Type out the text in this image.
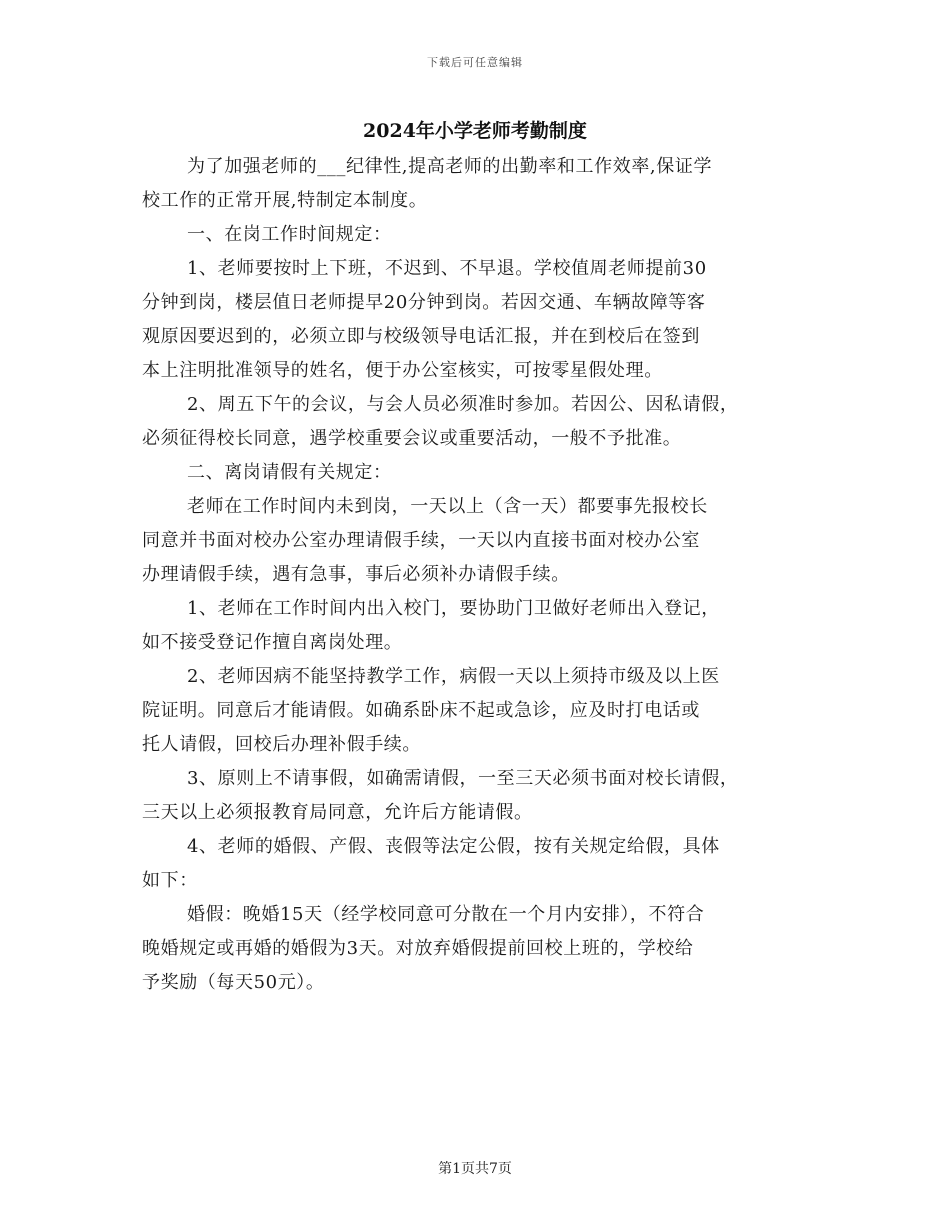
下载后可任意编辑
2024年小学老师考勤制度
为了加强老师的___纪律性,提高老师的出勤率和工作效率,保证学
校工作的正常开展,特制定本制度。
一、在岗工作时间规定：
1、老师要按时上下班，不迟到、不早退。学校值周老师提前30
分钟到岗，楼层值日老师提早20分钟到岗。若因交通、车辆故障等客
观原因要迟到的，必须立即与校级领导电话汇报，并在到校后在签到
本上注明批准领导的姓名，便于办公室核实，可按零星假处理。
2、周五下午的会议，与会人员必须准时参加。若因公、因私请假，
必须征得校长同意，遇学校重要会议或重要活动，一般不予批准。
二、离岗请假有关规定：
老师在工作时间内未到岗，一天以上（含一天）都要事先报校长
同意并书面对校办公室办理请假手续，一天以内直接书面对校办公室
办理请假手续，遇有急事，事后必须补办请假手续。
1、老师在工作时间内出入校门，要协助门卫做好老师出入登记，
如不接受登记作擅自离岗处理。
2、老师因病不能坚持教学工作，病假一天以上须持市级及以上医
院证明。同意后才能请假。如确系卧床不起或急诊，应及时打电话或
托人请假，回校后办理补假手续。
3、原则上不请事假，如确需请假，一至三天必须书面对校长请假，
三天以上必须报教育局同意，允许后方能请假。
4、老师的婚假、产假、丧假等法定公假，按有关规定给假，具体
如下：
婚假：晚婚15天（经学校同意可分散在一个月内安排），不符合
晚婚规定或再婚的婚假为3天。对放弃婚假提前回校上班的，学校给
予奖励（每天50元）。
第1页共7页
